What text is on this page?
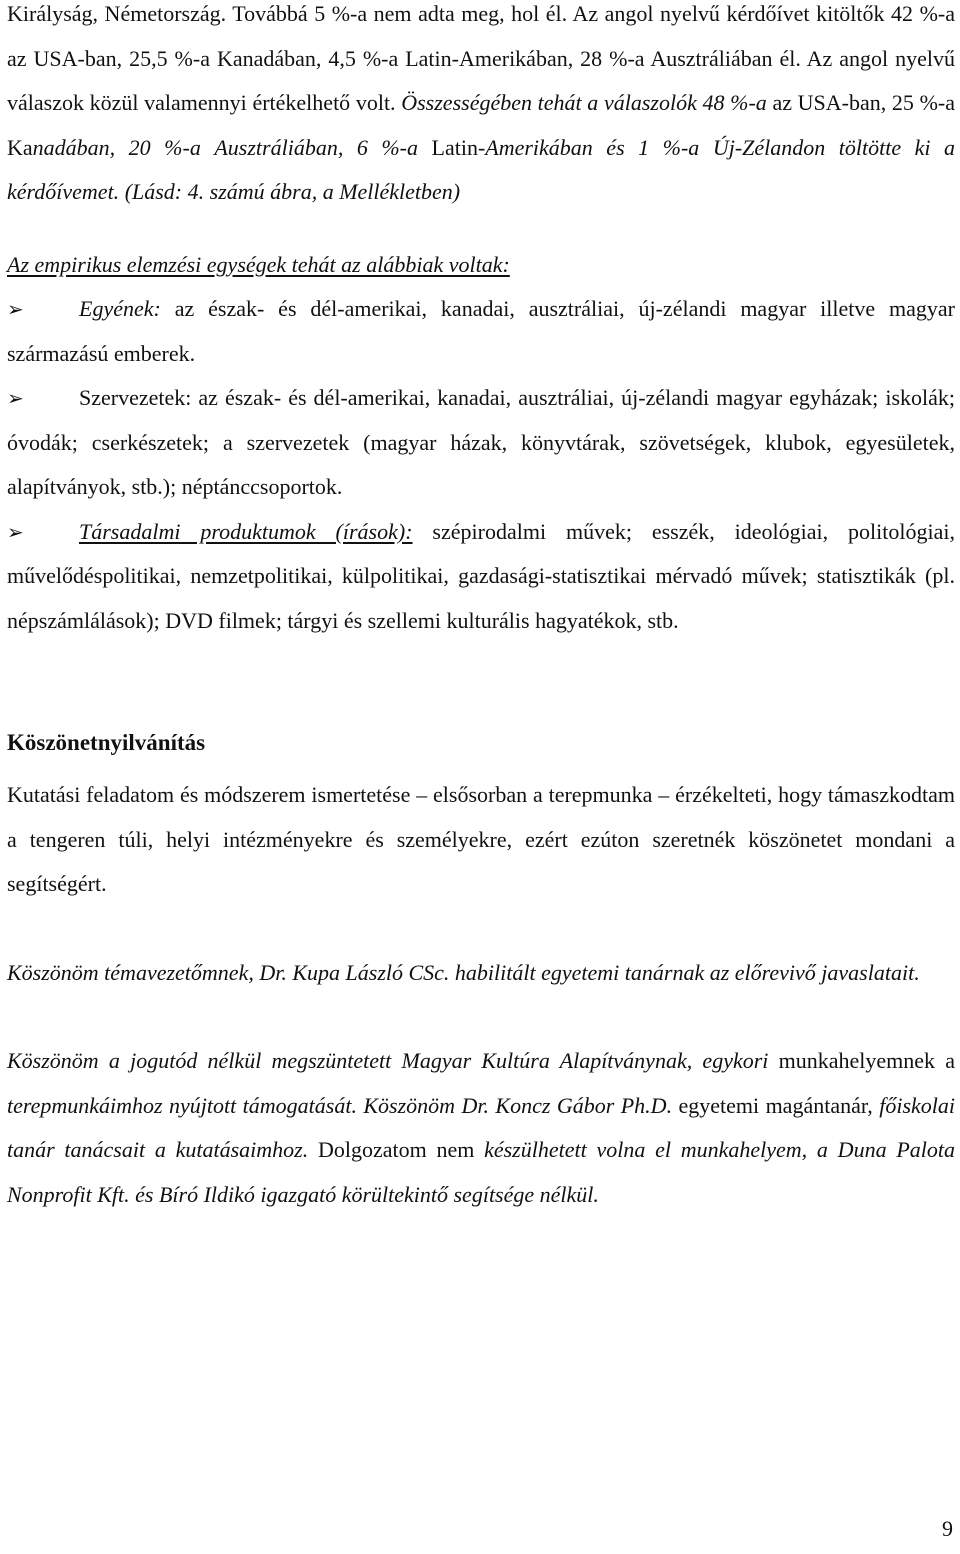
Királyság, Németország. Továbbá 5 %-a nem adta meg, hol él. Az angol nyelvű kérdőívet kitöltők 42 %-a az USA-ban, 25,5 %-a Kanadában, 4,5 %-a Latin-Amerikában, 28 %-a Ausztráliában él. Az angol nyelvű válaszok közül valamennyi értékelhető volt. Összességében tehát a válaszolók 48 %-a az USA-ban, 25 %-a Kanadában, 20 %-a Ausztráliában, 6 %-a Latin-Amerikában és 1 %-a Új-Zélandon töltötte ki a kérdőívemet. (Lásd: 4. számú ábra, a Mellékletben)

Az empirikus elemzési egységek tehát az alábbiak voltak:

➢	Egyének: az észak- és dél-amerikai, kanadai, ausztráliai, új-zélandi magyar illetve magyar származású emberek.

➢	Szervezetek: az észak- és dél-amerikai, kanadai, ausztráliai, új-zélandi magyar egyházak; iskolák; óvodák; cserkészetek; a szervezetek (magyar házak, könyvtárak, szövetségek, klubok, egyesületek, alapítványok, stb.); néptánccsoportok.

➢	Társadalmi produktumok (írások): szépirodalmi művek; esszék, ideológiai, politológiai, művelődéspolitikai, nemzetpolitikai, külpolitikai, gazdasági-statisztikai mérvadó művek; statisztikák (pl. népszámlálások); DVD filmek; tárgyi és szellemi kulturális hagyatékok, stb.

Köszönetnyilvánítás

Kutatási feladatom és módszerem ismertetése – elsősorban a terepmunka – érzékelteti, hogy támaszkodtam a tengeren túli, helyi intézményekre és személyekre, ezért ezúton szeretnék köszönetet mondani a segítségért.

Köszönöm témavezetőmnek, Dr. Kupa László CSc. habilitált egyetemi tanárnak az előrevivő javaslatait.

Köszönöm a jogutód nélkül megszüntetett Magyar Kultúra Alapítványnak, egykori munkahelyemnek a terepmunkáimhoz nyújtott támogatását. Köszönöm Dr. Koncz Gábor Ph.D. egyetemi magántanár, főiskolai tanár tanácsait a kutatásaimhoz. Dolgozatom nem készülhetett volna el munkahelyem, a Duna Palota Nonprofit Kft. és Bíró Ildikó igazgató körültekintő segítsége nélkül.

9
